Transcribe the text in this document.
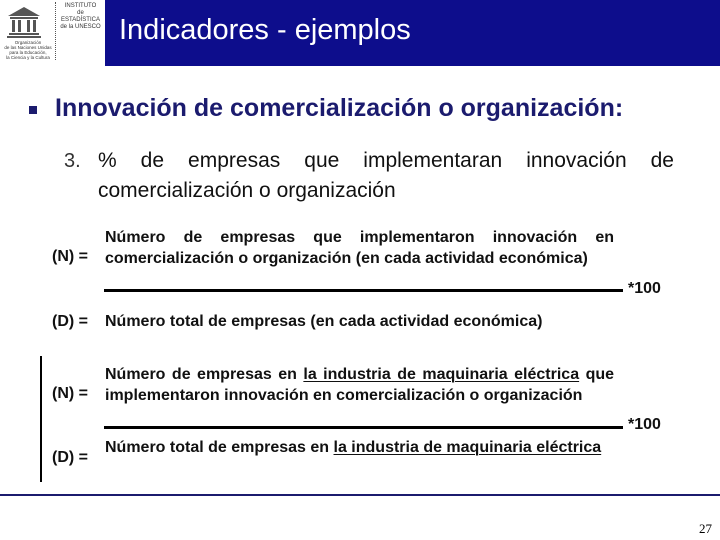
INSTITUTO
de
ESTADÍSTICA
de la UNESCO
Organización
de las Naciones Unidas
para la Educación,
la Ciencia y la Cultura
Indicadores - ejemplos
Innovación de comercialización o organización:
3. % de empresas que implementaran innovación de comercialización o organización
(N) =
Número de empresas que implementaron innovación en comercialización o organización (en cada actividad económica)
*100
(D) = Número total de empresas (en cada actividad económica)
(N) =
Número de empresas en la industria de maquinaria eléctrica que implementaron innovación en comercialización o organización
*100
(D) =
Número total de empresas en la industria de maquinaria eléctrica
27
